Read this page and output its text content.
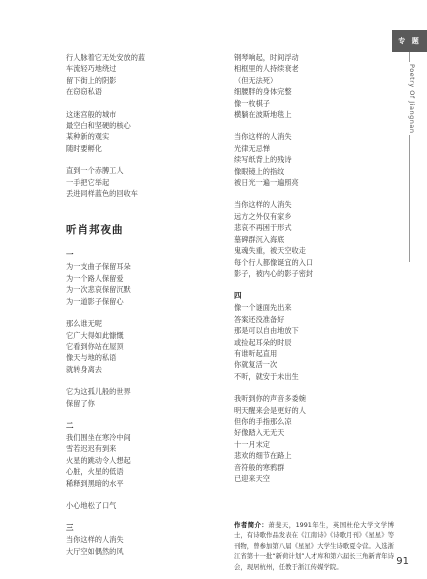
专 题
Poetry Of Jiangnan
行人脉着它无处安放的蓝
车流轻巧地绕过
留下街上的阴影
在窃窃私语
这迷宫般的城市
最空白和坚硬的核心
某种新的观实
随时要孵化
直到一个赤膊工人
一手把它举起
丢进同样蓝色的回收车
听肖邦夜曲
一
为一支曲子保留耳朵
为一个路人保留爱
为一次悲哀保留沉默
为一道影子保留心
那么谁无呢
它广大得如此慷慨
它看到你站在屋顶
像天与地的私语
就转身离去
它为这孤儿般的世界
保留了你
二
我们围坐在寒冷中间
雪若迟迟有到来
火星的跳动令人想起
心脏，火星的低语
稀释到黑暗的水平
小心地松了口气
三
当你这样的人消失
大厅空如偶然的风
钢琴响起，时间浮动
相框里的人持续衰老
（但无法死）
细腰胖的身体完整
像一枚棋子
横躺在波斯地毯上
当你这样的人消失
光律无忌惮
续写纸背上的残诗
像眼镜上的指纹
被日光一遍一遍照亮
当你这样的人消失
远方之外仅有家乡
悲哀不再困于形式
墓碑群沉入海底
鬼魂失重，被天空收走
每个行人都像诞宜的入口
影子，被内心的影子密封
四
像一个谜面先出来
答案还没准备好
那是可以自由地放下
或捡起耳朵的时辰
有谁听起直用
你就复活一次
不听，就安于未出生
我听到你的声音多委婉
明天醒来会是更好的人
但你的手指那么凉
好像踏入无无天
十一月末定
悲欢的细节在路上
音符般的寒鸦群
已迎来天空
作者简介：萧斐天，1991年生，英国杜伦大学文学博士，有诗歌作品发表在《江南诗》《诗歌月刊》《星星》等刊物，曾参加第八届《星星》大学生诗歌夏令营。入选浙江省第十一批“新荷计划”人才库和第六届长三角新青年诗会，现居杭州，任教于浙江传媒学院。	91
